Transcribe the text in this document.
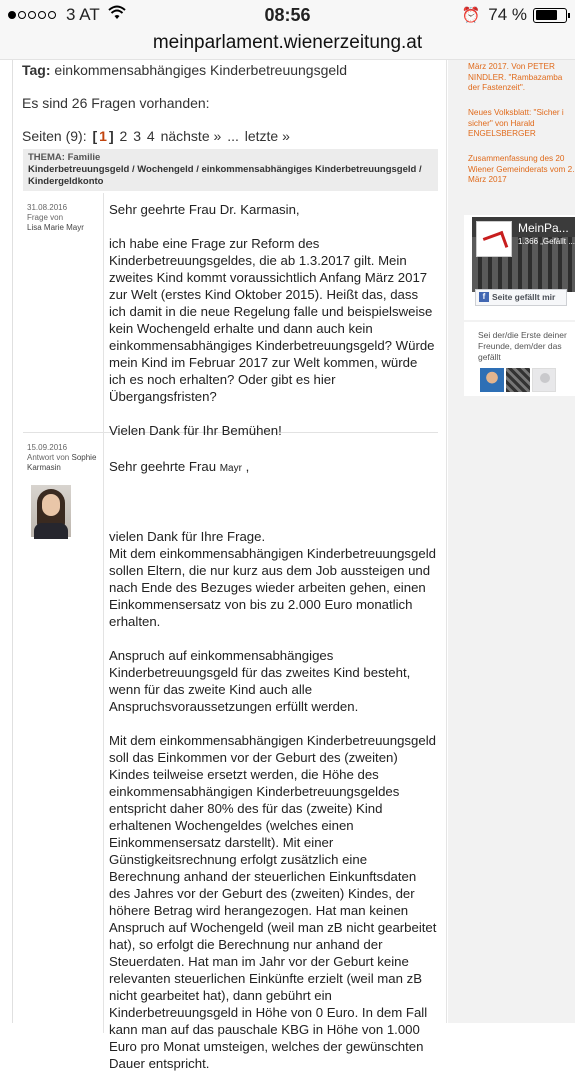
3 AT	08:56	⏰ 74 %
meinparlament.wienerzeitung.at
Tag: einkommensabhängiges Kinderbetreuungsgeld
Es sind 26 Fragen vorhanden:
Seiten (9): [ 1 ] 2 3 4 nächste » ... letzte »
THEMA: Familie
Kinderbetreuungsgeld / Wochengeld / einkommensabhängiges Kinderbetreuungsgeld / Kindergeldkonto
31.08.2016
Frage von
Lisa Marie Mayr
Sehr geehrte Frau Dr. Karmasin,

ich habe eine Frage zur Reform des Kinderbetreuungsgeldes, die ab 1.3.2017 gilt. Mein zweites Kind kommt voraussichtlich Anfang März 2017 zur Welt (erstes Kind Oktober 2015). Heißt das, dass ich damit in die neue Regelung falle und beispielsweise kein Wochengeld erhalte und dann auch kein einkommensabhängiges Kinderbetreuungsgeld? Würde mein Kind im Februar 2017 zur Welt kommen, würde ich es noch erhalten? Oder gibt es hier Übergangsfristen?

Vielen Dank für Ihr Bemühen!
15.09.2016
Antwort von Sophie Karmasin	Sehr geehrte Frau Mayr ,

vielen Dank für Ihre Frage.
Mit dem einkommensabhängigen Kinderbetreuungsgeld sollen Eltern, die nur kurz aus dem Job aussteigen und nach Ende des Bezuges wieder arbeiten gehen, einen Einkommensersatz von bis zu 2.000 Euro monatlich erhalten.

Anspruch auf einkommensabhängiges Kinderbetreuungsgeld für das zweites Kind besteht, wenn für das zweite Kind auch alle Anspruchsvoraussetzungen erfüllt werden.

Mit dem einkommensabhängigen Kinderbetreuungsgeld soll das Einkommen vor der Geburt des (zweiten) Kindes teilweise ersetzt werden, die Höhe des einkommensabhängigen Kinderbetreuungsgeldes entspricht daher 80% des für das (zweite) Kind erhaltenen Wochengeldes (welches einen Einkommensersatz darstellt). Mit einer Günstigkeitsrechnung erfolgt zusätzlich eine Berechnung anhand der steuerlichen Einkunftsdaten des Jahres vor der Geburt des (zweiten) Kindes, der höhere Betrag wird herangezogen. Hat man keinen Anspruch auf Wochengeld (weil man zB nicht gearbeitet hat), so erfolgt die Berechnung nur anhand der Steuerdaten. Hat man im Jahr vor der Geburt keine relevanten steuerlichen Einkünfte erzielt (weil man zB nicht gearbeitet hat), dann gebührt ein Kinderbetreuungsgeld in Höhe von 0 Euro. In dem Fall kann man auf das pauschale KBG in Höhe von 1.000 Euro pro Monat umsteigen, welches der gewünschten Dauer entspricht.

März 2017. Von PETER NINDLER. "Rambazamba der Fastenzeit".
Neues Volksblatt: "Sicher i sicher" von Harald ENGELSBERGER
Zusammenfassung des 20 Wiener Gemeinderats vom 2. März 2017
MeinPa...
1.366 „Gefällt ...
f Seite gefällt mir
Sei der/die Erste deiner Freunde, dem/der das gefällt
